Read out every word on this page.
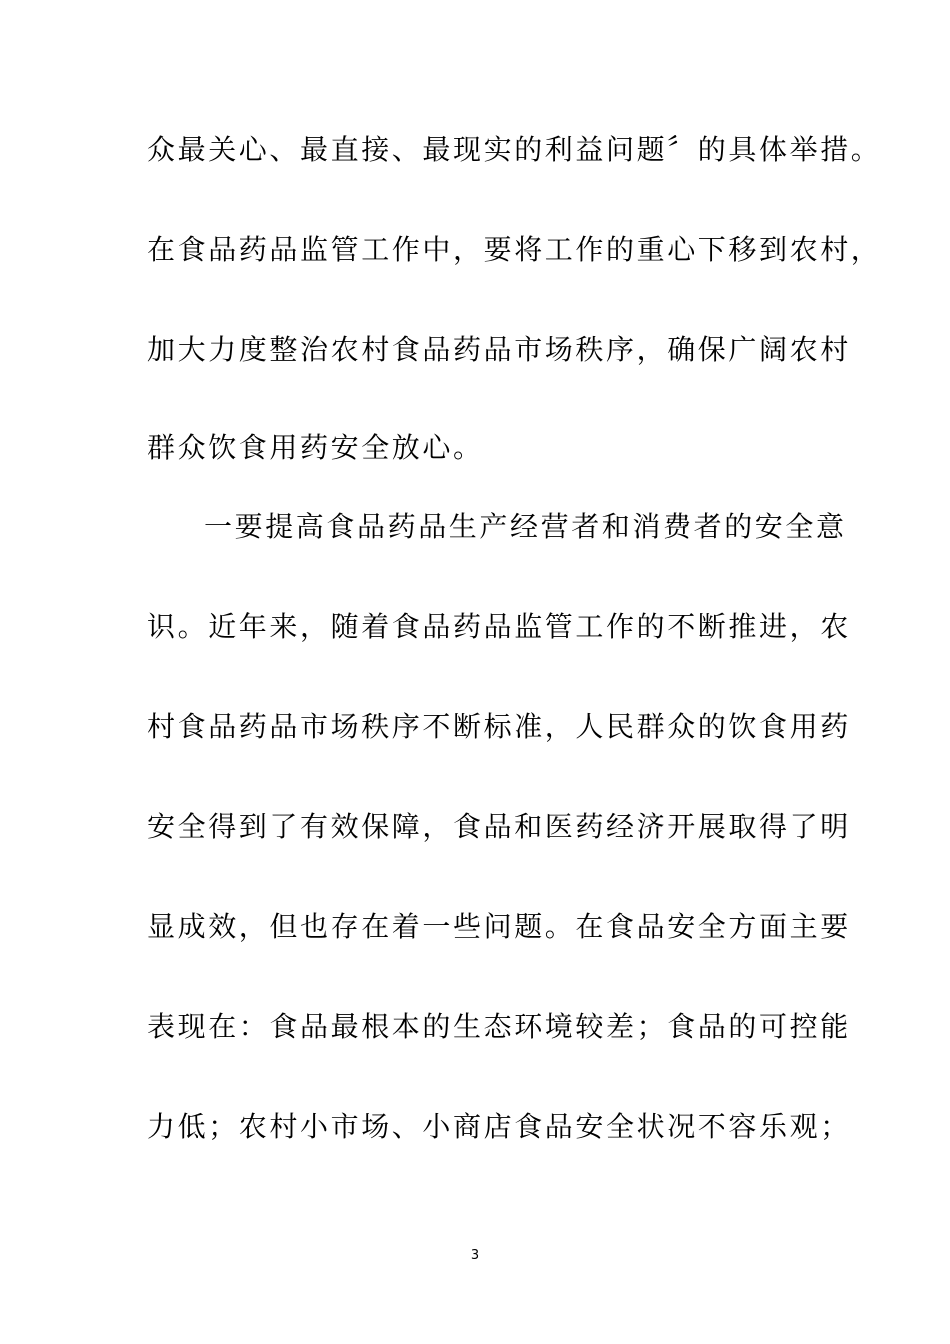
众最关心、最直接、最现实的利益问题〞的具体举措。
在食品药品监管工作中，要将工作的重心下移到农村，
加大力度整治农村食品药品市场秩序，确保广阔农村
群众饮食用药安全放心。
一要提高食品药品生产经营者和消费者的安全意
识。近年来，随着食品药品监管工作的不断推进，农
村食品药品市场秩序不断标准，人民群众的饮食用药
安全得到了有效保障，食品和医药经济开展取得了明
显成效，但也存在着一些问题。在食品安全方面主要
表现在：食品最根本的生态环境较差；食品的可控能
力低；农村小市场、小商店食品安全状况不容乐观；
3
